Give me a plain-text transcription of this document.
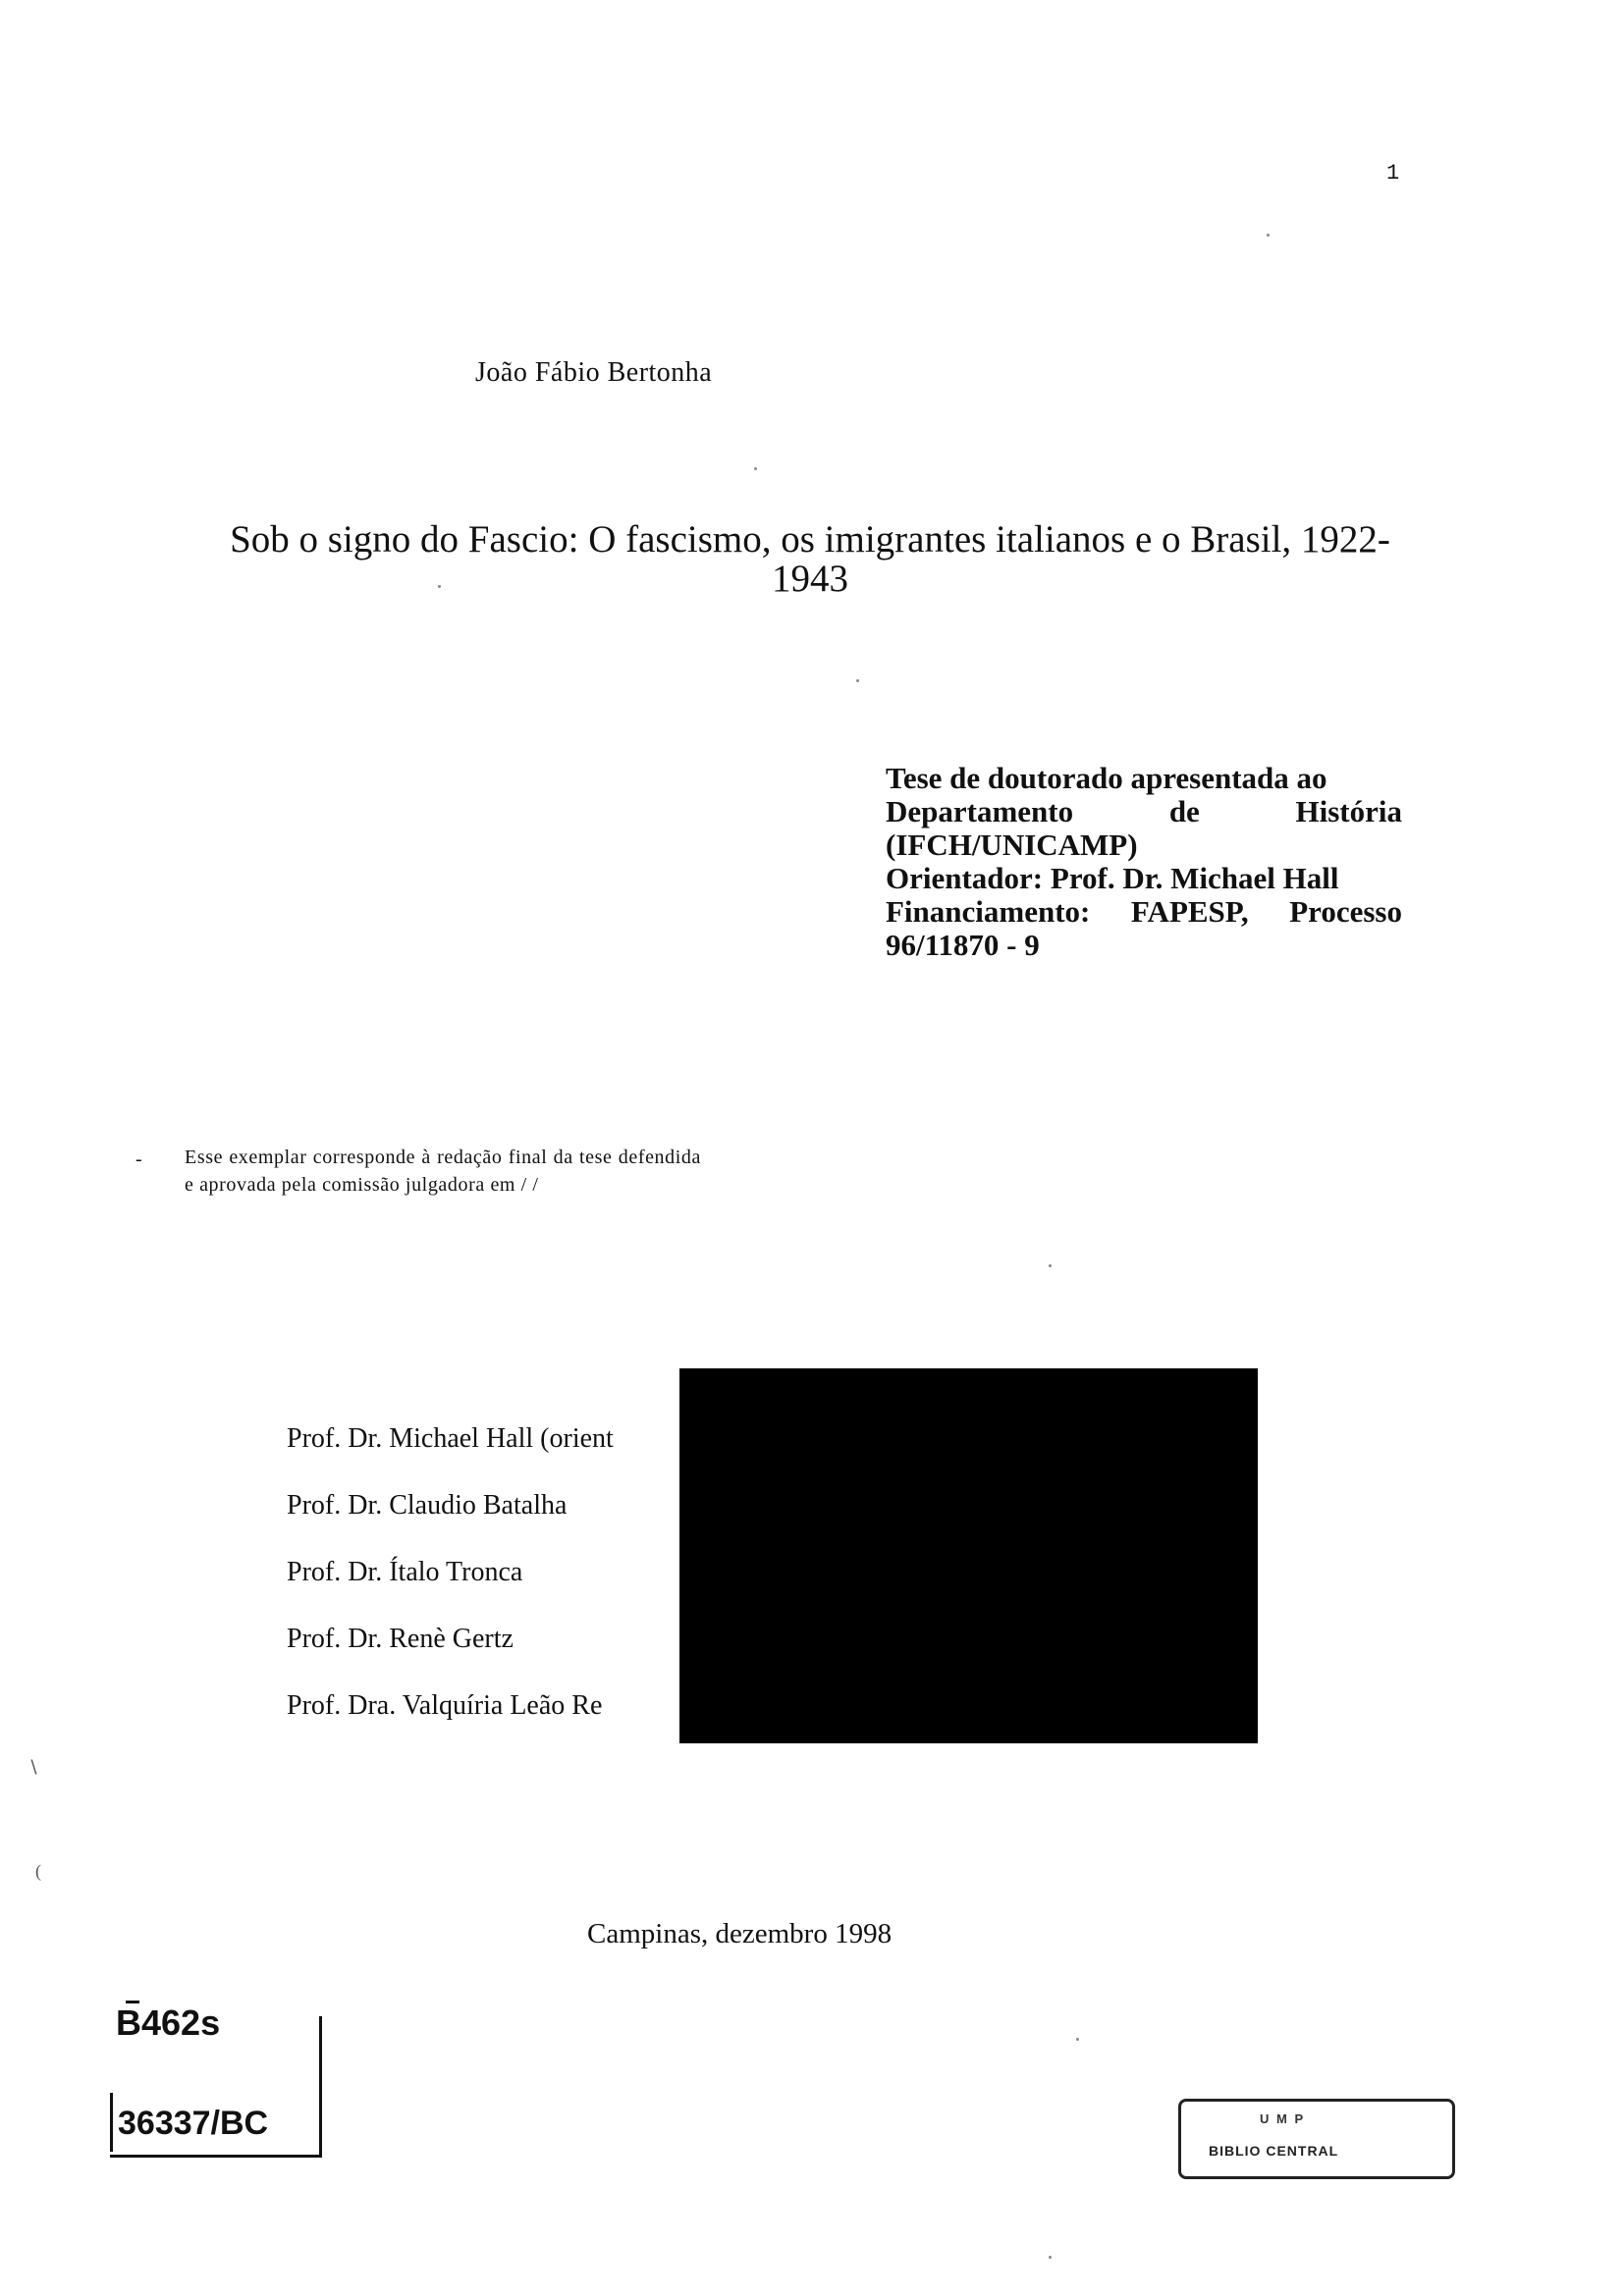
1
João Fábio Bertonha
Sob o signo do Fascio: O fascismo, os imigrantes italianos e o Brasil, 1922-
1943
Tese de doutorado apresentada ao
Departamento	de	História
(IFCH/UNICAMP)
Orientador: Prof. Dr. Michael Hall
Financiamento: FAPESP, Processo
96/11870 - 9
- Esse exemplar corresponde à redação final da tese defendida e aprovada pela comissão julgadora em / /
Prof. Dr. Michael Hall (orient
Prof. Dr. Claudio Batalha
Prof. Dr. Ítalo Tronca
Prof. Dr. Renè Gertz
Prof. Dra. Valquíria Leão Re
Campinas, dezembro 1998
B462s
36337/BC	U M P
BIBLIO CENTRAL
∖
(
